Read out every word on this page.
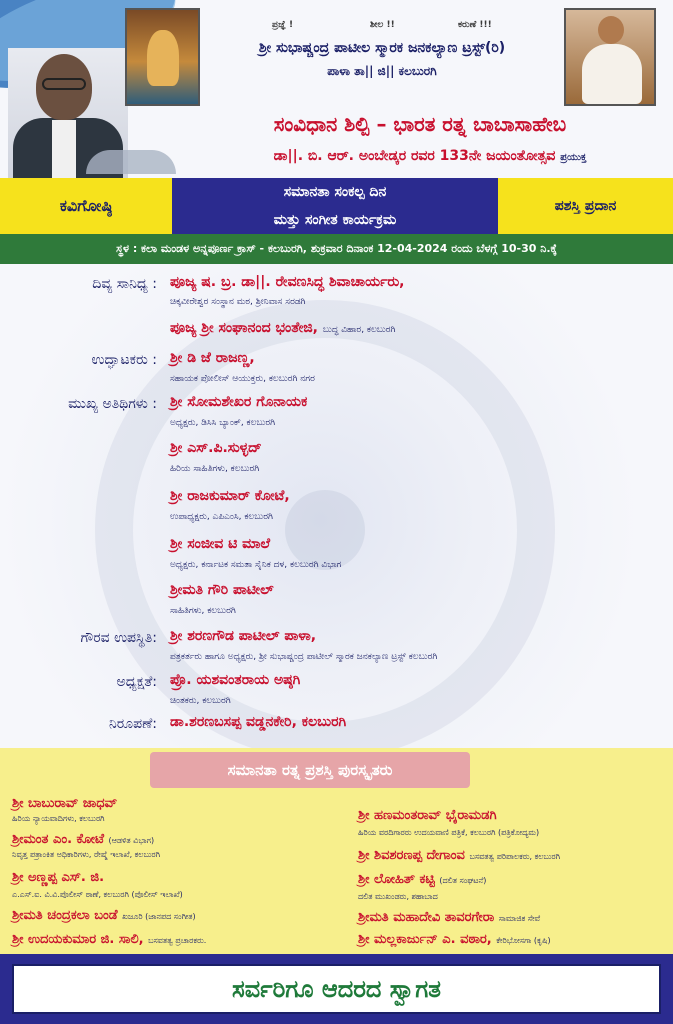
ಪ್ರಜ್ಞೆ !	ಶೀಲ !!	ಕರುಣೆ !!!
ಶ್ರೀ ಸುಭಾಷ್ಚಂದ್ರ ಪಾಟೀಲ ಸ್ಮಾರಕ ಜನಕಲ್ಯಾಣ ಟ್ರಸ್ಟ್(ರಿ)
ಪಾಳಾ ತಾ|| ಜಿ|| ಕಲಬುರಗಿ
ಸಂವಿಧಾನ ಶಿಲ್ಪಿ – ಭಾರತ ರತ್ನ ಬಾಬಾಸಾಹೇಬ
ಡಾ||. ಬಿ. ಆರ್. ಅಂಬೇಡ್ಕರ ರವರ 133ನೇ ಜಯಂತೋತ್ಸವ ಪ್ರಯುಕ್ತ
ಕವಿಗೋಷ್ಠಿ
ಸಮಾನತಾ ಸಂಕಲ್ಪ ದಿನ
ಮತ್ತು ಸಂಗೀತ ಕಾರ್ಯಕ್ರಮ
ಪಶಸ್ತಿ ಪ್ರದಾನ
ಸ್ಥಳ : ಕಲಾ ಮಂಡಳ ಅನ್ನಪೂರ್ಣ ಕ್ರಾಸ್ - ಕಲಬುರಗಿ, ಶುಕ್ರವಾರ ದಿನಾಂಕ 12-04-2024 ರಂದು ಬೆಳಗ್ಗೆ 10-30 ನಿ.ಕ್ಕೆ
ದಿವ್ಯ ಸಾನಿಧ್ಯ :
ಉದ್ಘಾಟಕರು :
ಮುಖ್ಯ ಅತಿಥಿಗಳು :
ಗೌರವ ಉಪಸ್ಥಿತಿ:
ಅಧ್ಯಕ್ಷತೆ:
ನಿರೂಪಣೆ:
ಪೂಜ್ಯ ಷ. ಬ್ರ. ಡಾ||. ರೇವಣಸಿದ್ಧ ಶಿವಾಚಾರ್ಯರು,
ಚಿಕ್ಕವೀರೇಶ್ವರ ಸಂಸ್ಥಾನ ಮಠ, ಶ್ರೀನಿವಾಸ ಸರಡಗಿ
ಪೂಜ್ಯ ಶ್ರೀ ಸಂಘಾನಂದ ಭಂತೇಜಿ, ಬುದ್ಧ ವಿಹಾರ, ಕಲಬುರಗಿ
ಶ್ರೀ ಡಿ ಜೆ ರಾಜಣ್ಣ,
ಸಹಾಯಕ ಪೋಲೀಸ್ ಆಯುಕ್ತರು, ಕಲಬುರಗಿ ನಗರ
ಶ್ರೀ ಸೋಮಶೇಖರ ಗೊನಾಯಕ
ಅಧ್ಯಕ್ಷರು, ಡಿಸಿಸಿ ಬ್ಯಾಂಕ್, ಕಲಬುರಗಿ
ಶ್ರೀ ಎಸ್.ಪಿ.ಸುಳ್ಳದ್
ಹಿರಿಯ ಸಾಹಿತಿಗಳು, ಕಲಬುರಗಿ
ಶ್ರೀ ರಾಜಕುಮಾರ್ ಕೋಟೆ,
ಉಪಾಧ್ಯಕ್ಷರು, ಎಪಿಎಂಸಿ, ಕಲಬುರಗಿ
ಶ್ರೀ ಸಂಜೀವ ಟಿ ಮಾಲೆ
ಅಧ್ಯಕ್ಷರು, ಕರ್ನಾಟಕ ಸಮತಾ ಸೈನಿಕ ದಳ, ಕಲಬುರಗಿ ವಿಭಾಗ
ಶ್ರೀಮತಿ ಗೌರಿ ಪಾಟೀಲ್
ಸಾಹಿತಿಗಳು, ಕಲಬುರಗಿ
ಶ್ರೀ ಶರಣಗೌಡ ಪಾಟೀಲ್ ಪಾಳಾ,
ಪತ್ರಕರ್ತರು ಹಾಗೂ ಅಧ್ಯಕ್ಷರು, ಶ್ರೀ ಸುಭಾಷ್ಚಂದ್ರ ಪಾಟೀಲ್ ಸ್ಮಾರಕ ಜನಕಲ್ಯಾಣ ಟ್ರಸ್ಟ್ ಕಲಬುರಗಿ
ಪ್ರೊ. ಯಶವಂತರಾಯ ಅಷ್ಠಗಿ
ಚಿಂತಕರು, ಕಲಬುರಗಿ
ಡಾ.ಶರಣಬಸಪ್ಪ ವಡ್ಡನಕೇರಿ, ಕಲಬುರಗಿ
ಸಮಾನತಾ ರತ್ನ ಪ್ರಶಸ್ತಿ ಪುರಸ್ಕೃತರು
ಶ್ರೀ ಬಾಬುರಾವ್ ಜಾಧವ್
ಹಿರಿಯ ನ್ಯಾಯವಾದಿಗಳು, ಕಲಬುರಗಿ
ಶ್ರೀಮಂತ ಎಂ. ಕೋಟೆ (ಆಡಳಿತ ವಿಭಾಗ)
ನಿವೃತ್ತ ಪತ್ರಾಂಕಿತ ಅಧಿಕಾರಿಗಳು, ರೇಷ್ಮೆ ಇಲಾಖೆ, ಕಲಬುರಗಿ
ಶ್ರೀ ಅಣ್ಣಪ್ಪ ಎಸ್. ಜಿ.
ಎ.ಎಸ್.ಐ. ವಿ.ವಿ.ಪೊಲೀಸ್ ಠಾಣೆ, ಕಲಬುರಗಿ (ಪೊಲೀಸ್ ಇಲಾಖೆ)
ಶ್ರೀಮತಿ ಚಂದ್ರಕಲಾ ಬಂಡೆ ಖಜೂರಿ (ಜಾನಪದ ಸಂಗೀತ)
ಶ್ರೀ ಉದಯಕುಮಾರ ಜಿ. ಸಾಲಿ, ಬಸವತತ್ವ ಪ್ರಚಾರಕರು.
ಶ್ರೀ ಹಣಮಂತರಾವ್ ಭೈರಾಮಡಗಿ
ಹಿರಿಯ ವರದಿಗಾರರು ಉದಯವಾಣಿ ಪತ್ರಿಕೆ, ಕಲಬುರಗಿ (ಪತ್ರಿಕೋದ್ಯಮ)
ಶ್ರೀ ಶಿವಶರಣಪ್ಪ ದೇಗಾಂವ ಬಸವತತ್ವ ಪರಿಪಾಲಕರು, ಕಲಬುರಗಿ
ಶ್ರೀ ಲೋಹಿತ್ ಕಟ್ಟಿ (ದಲಿತ ಸಂಘಟನೆ)
ದಲಿತ ಮುಖಂಡರು, ಶಹಾಬಾದ
ಶ್ರೀಮತಿ ಮಹಾದೇವಿ ತಾವರಗೇರಾ ಸಾಮಾಜಿಕ ಸೇವೆ
ಶ್ರೀ ಮಲ್ಲಕಾರ್ಜುನ್ ಎ. ವಠಾರ, ಕೇರಿಭೋಸಗಾ (ಕೃಷಿ)
ಸರ್ವರಿಗೂ ಆದರದ ಸ್ವಾಗತ
